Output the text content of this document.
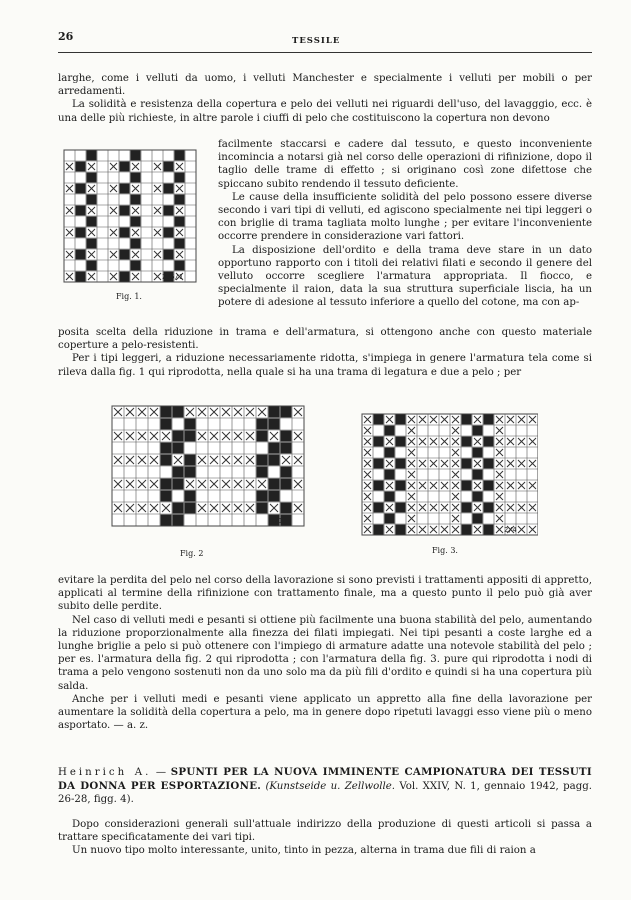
26	TESSILE

larghe, come i velluti da uomo, i velluti Manchester e specialmente i velluti per mobili o per arredamenti.

La solidità e resistenza della copertura e pelo dei velluti nei riguardi dell'uso, del lavagggio, ecc. è una delle più richieste, in altre parole i ciuffi di pelo che costituiscono la copertura non devono

Z35/1
Fig. 1.

facilmente staccarsi e cadere dal tessuto, e questo inconveniente incomincia a notarsi già nel corso delle operazioni di rifinizione, dopo il taglio delle trame di effetto ; si originano così zone difettose che spiccano subito rendendo il tessuto deficiente.

Le cause della insufficiente solidità del pelo possono essere diverse secondo i vari tipi di velluti, ed agiscono specialmente nei tipi leggeri o con briglie di trama tagliata molto lunghe ; per evitare l'inconveniente occorre prendere in considerazione vari fattori.

La disposizione dell'ordito e della trama deve stare in un dato opportuno rapporto con i titoli dei relativi filati e secondo il genere del velluto occorre scegliere l'armatura appropriata. Il fiocco, e specialmente il raion, data la sua struttura superficiale liscia, ha un potere di adesione al tessuto inferiore a quello del cotone, ma con ap-

posita scelta della riduzione in trama e dell'armatura, si ottengono anche con questo materiale coperture a pelo-resistenti.

Per i tipi leggeri, a riduzione necessariamente ridotta, s'impiega in genere l'armatura tela come si rileva dalla fig. 1 qui riprodotta, nella quale si ha una trama di legatura e due a pelo ; per

2/1
Fig. 2
2/4
Fig. 3.

evitare la perdita del pelo nel corso della lavorazione si sono previsti i trattamenti appositi di appretto, applicati al termine della rifinizione con trattamento finale, ma a questo punto il pelo può già aver subito delle perdite.

Nel caso di velluti medi e pesanti si ottiene più facilmente una buona stabilità del pelo, aumentando la riduzione proporzionalmente alla finezza dei filati impiegati. Nei tipi pesanti a coste larghe ed a lunghe briglie a pelo si può ottenere con l'impiego di armature adatte una notevole stabilità del pelo ; per es. l'armatura della fig. 2 qui riprodotta ; con l'armatura della fig. 3. pure qui riprodotta i nodi di trama a pelo vengono sostenuti non da uno solo ma da più fili d'ordito e quindi si ha una copertura più salda.

Anche per i velluti medi e pesanti viene applicato un appretto alla fine della lavorazione per aumentare la solidità della copertura a pelo, ma in genere dopo ripetuti lavaggi esso viene più o meno asportato. — a. z.

Heinrich A. — SPUNTI PER LA NUOVA IMMINENTE CAMPIONATURA DEI TESSUTI DA DONNA PER ESPORTAZIONE. (Kunstseide u. Zellwolle. Vol. XXIV, N. 1, gennaio 1942, pagg. 26-28, figg. 4).

Dopo considerazioni generali sull'attuale indirizzo della produzione di questi articoli si passa a trattare specificatamente dei vari tipi.

Un nuovo tipo molto interessante, unito, tinto in pezza, alterna in trama due fili di raion a
